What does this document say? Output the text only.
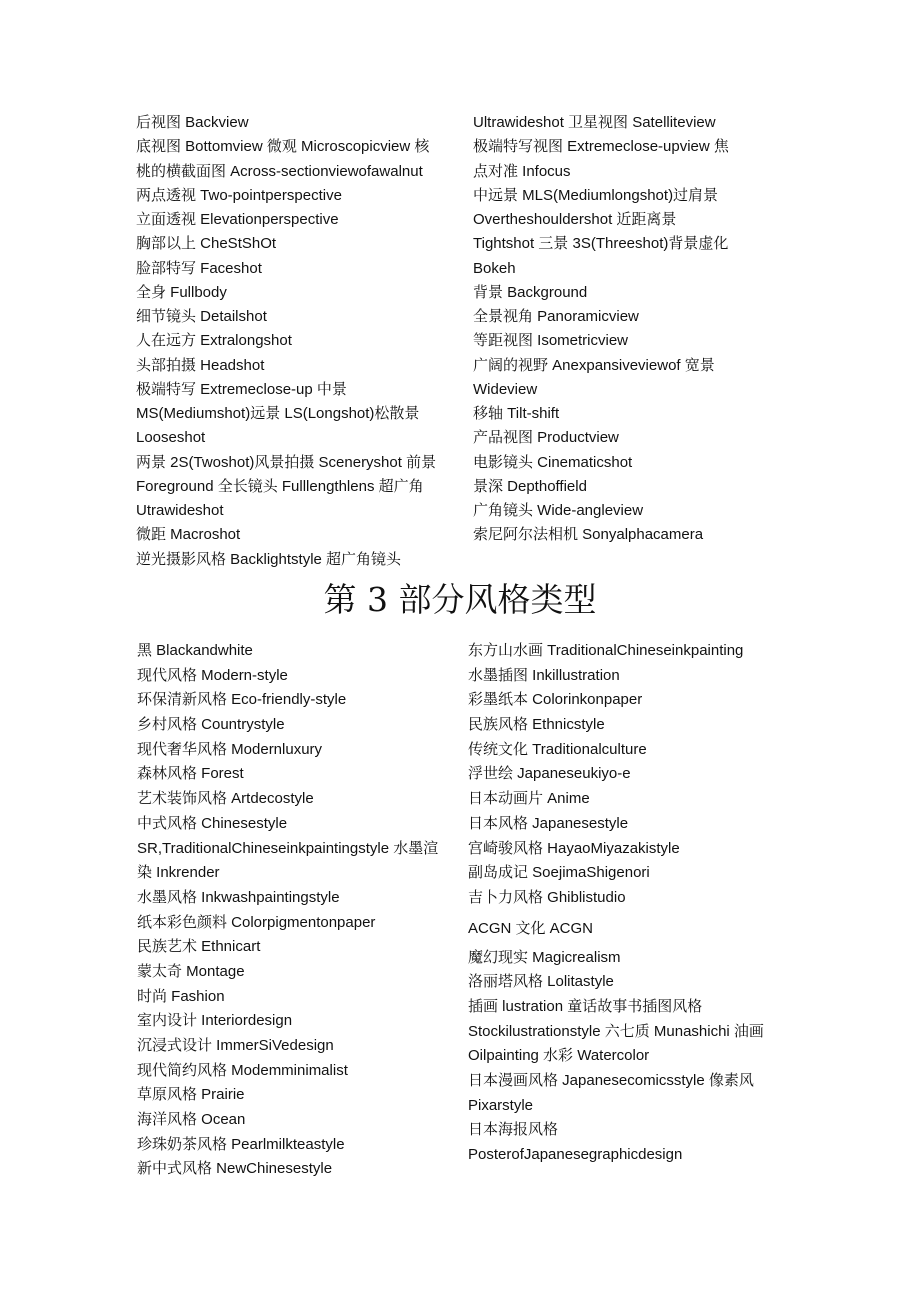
后视图 Backview
底视图 Bottomview 微观 Microscopicview 核
桃的横截面图 Across-sectionviewofawalnut
两点透视 Two-pointperspective
立面透视 Elevationperspective
胸部以上 CheStShOt
脸部特写 Faceshot
全身 Fullbody
细节镜头 Detailshot
人在远方 Extralongshot
头部拍摄 Headshot
极端特写 Extremeclose-up 中景
MS(Mediumshot)远景 LS(Longshot)松散景
Looseshot
两景 2S(Twoshot)风景拍摄 Sceneryshot 前景
Foreground 全长镜头 Fulllengthlens 超广角
Utrawideshot
微距 Macroshot
逆光摄影风格 Backlightstyle 超广角镜头
Ultrawideshot 卫星视图 Satelliteview
极端特写视图 Extremeclose-upview 焦
点对准 Infocus
中远景 MLS(Mediumlongshot)过肩景
Overtheshouldershot 近距离景
Tightshot 三景 3S(Threeshot)背景虚化
Bokeh
背景 Background
全景视角 Panoramicview
等距视图 Isometricview
广阔的视野 Anexpansiveviewof 宽景
Wideview
移轴 Tilt-shift
产品视图 Productview
电影镜头 Cinematicshot
景深 Depthoffield
广角镜头 Wide-angleview
索尼阿尔法相机 Sonyalphacamera
第 3 部分风格类型
黑 Blackandwhite
现代风格 Modern-style
环保清新风格 Eco-friendly-style
乡村风格 Countrystyle
现代奢华风格 Modernluxury
森林风格 Forest
艺术装饰风格 Artdecostyle
中式风格 Chinesestyle
SR,TraditionalChineseinkpaintingstyle 水墨渲
染 Inkrender
水墨风格 Inkwashpaintingstyle
纸本彩色颜料 Colorpigmentonpaper
民族艺术 Ethnicart
蒙太奇 Montage
时尚 Fashion
室内设计 Interiordesign
沉浸式设计 ImmerSiVedesign
现代简约风格 Modemminimalist
草原风格 Prairie
海洋风格 Ocean
珍珠奶茶风格 Pearlmilkteastyle
新中式风格 NewChinesestyle
东方山水画 TraditionalChineseinkpainting
水墨插图 Inkillustration
彩墨纸本 Colorinkonpaper
民族风格 Ethnicstyle
传统文化 Traditionalculture
浮世绘 Japaneseukiyo-e
日本动画片 Anime
日本风格 Japanesestyle
宫崎骏风格 HayaoMiyazakistyle
副岛成记 SoejimaShigenori
吉卜力风格 Ghiblistudio
ACGN 文化 ACGN
魔幻现实 Magicrealism
洛丽塔风格 Lolitastyle
插画 lustration 童话故事书插图风格
Stockilustrationstyle 六七质 Munashichi 油画
Oilpainting 水彩 Watercolor
日本漫画风格 Japanesecomicsstyle 像素风
Pixarstyle
日本海报风格
PosterofJapanesegraphicdesign
